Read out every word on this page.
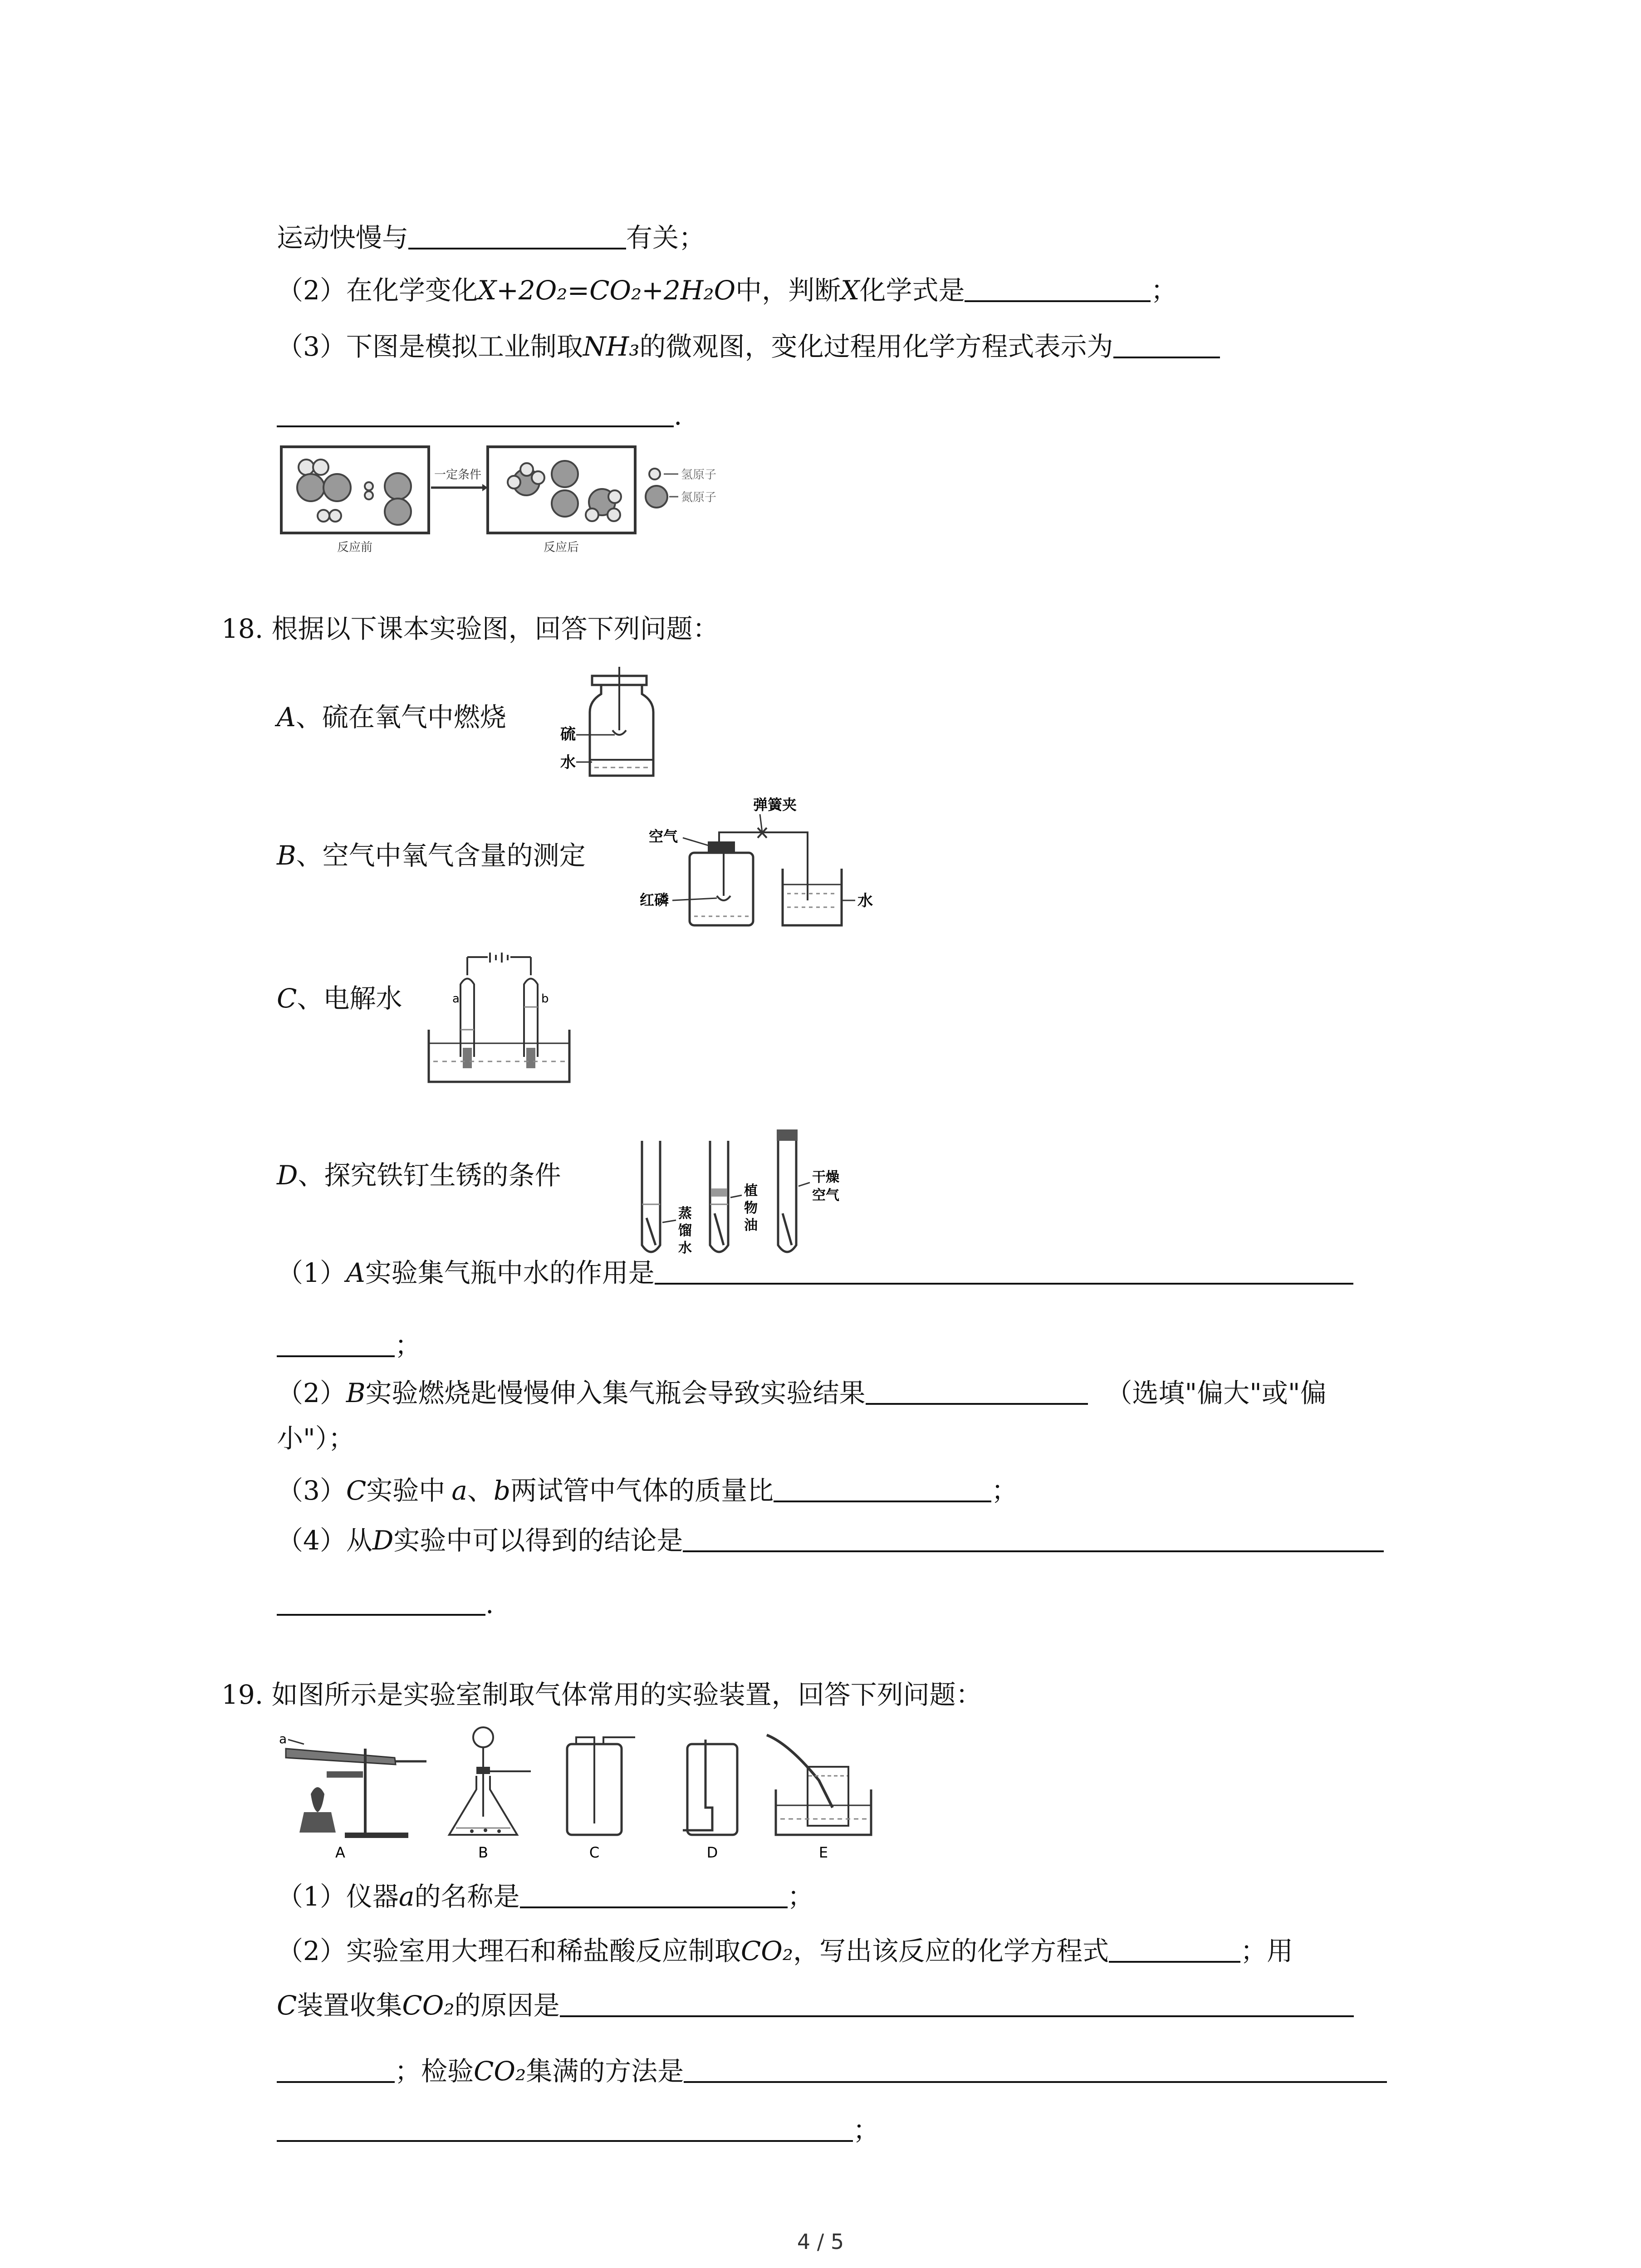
运动快慢与	有关；
（2）在化学变化X+2O₂=CO₂+2H₂O中，判断X化学式是	；
（3）下图是模拟工业制取NH₃的微观图，变化过程用化学方程式表示为
.
一定条件	氢原子
氮原子
反应前	反应后
18. 根据以下课本实验图，回答下列问题：
A、硫在氧气中燃烧
硫
水
B、空气中氧气含量的测定
弹簧夹
水
空气
红磷
C、电解水	a	b
D、探究铁钉生锈的条件
蒸
馏
水
植
物
油
干燥
空气
（1）A实验集气瓶中水的作用是
；
（2）B实验燃烧匙慢慢伸入集气瓶会导致实验结果	（选填"偏大"或"偏
小"）；
（3）C实验中 a、b两试管中气体的质量比	；
（4）从D实验中可以得到的结论是
.
19. 如图所示是实验室制取气体常用的实验装置，回答下列问题：
a
A	B	C	D	E
（1）仪器a的名称是	；
（2）实验室用大理石和稀盐酸反应制取CO₂，写出该反应的化学方程式	；用
C装置收集CO₂的原因是
；检验CO₂集满的方法是
；
4 / 5
